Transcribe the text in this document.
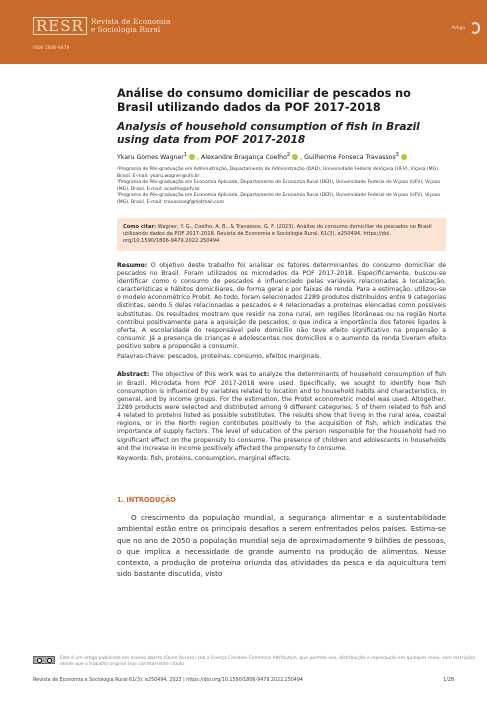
RESR Revista de Economia
e Sociologia Rural
ISSN 1806-9479
Artigo
Análise do consumo domiciliar de pescados no Brasil utilizando dados da POF 2017-2018
Analysis of household consumption of fish in Brazil using data from POF 2017-2018
Ykaru Gomes Wagner$^1$ , Alexandre Bragança Coelho$^2$ , Guilherme Fonseca Travassos$^3$

¹Programa de Pós-graduação em Administração, Departamento de Administração (DAD), Universidade Federal deViçosa (UFV), Viçosa (MG), Brasil. E-mail: ykaru.wagner@ufv.br

²Programa de Pós-graduação em Economia Aplicada, Departamento de Economia Rural (DER), Universidade Federal de Viçosa (UFV), Viçosa (MG), Brasil. E-mail: acoelho@ufv.br

³Programa de Pós-graduação em Economia Aplicada, Departamento de Economia Rural (DER), Universidade Federal de Viçosa (UFV), Viçosa (MG), Brasil. E-mail: travassosgf@hotmail.com

Como citar: Wagner, Y. G., Coelho, A. B., & Travassos, G. F. (2023). Análise do consumo domiciliar de pescados no Brasil utilizando dados da POF 2017-2018. Revista de Economia e Sociologia Rural, 61(3), e250494. https://doi. org/10.1590/1806-9479.2022.250494

Resumo: O objetivo deste trabalho foi analisar os fatores determinantes do consumo domiciliar de pescados no Brasil. Foram utilizados os microdados da POF 2017-2018. Especificamente, buscou-se identificar como o consumo de pescados é influenciado pelas variáveis relacionadas à localização, características e hábitos domiciliares, de forma geral e por faixas de renda. Para a estimação, utilizou-se o modelo econométrico Probit. Ao todo, foram selecionados 2289 produtos distribuídos entre 9 categorias distintas, sendo 5 delas relacionadas a pescados e 4 relacionadas a proteínas elencadas como possíveis substitutas. Os resultados mostram que residir na zona rural, em regiões litorâneas ou na região Norte contribui positivamente para a aquisição de pescados, o que indica a importância dos fatores ligados à oferta. A escolaridade do responsável pelo domicílio não teve efeito significativo na propensão a consumir. Já a presença de crianças e adolescentes nos domicílios e o aumento da renda tiveram efeito positivo sobre a propensão a consumir.

Palavras-chave: pescados, proteínas, consumo, efeitos marginais.

Abstract: The objective of this work was to analyze the determinants of household consumption of fish in Brazil. Microdata from POF 2017-2018 were used. Specifically, we sought to identify how fish consumption is influenced by variables related to location and to household habits and characteristics, in general, and by income groups. For the estimation, the Probit econometric model was used. Altogether, 2289 products were selected and distributed among 9 different categories, 5 of them related to fish and 4 related to proteins listed as possible substitutes. The results show that living in the rural area, coastal regions, or in the North region contributes positively to the acquisition of fish, which indicates the importance of supply factors. The level of education of the person responsible for the household had no significant effect on the propensity to consume. The presence of children and adolescents in households and the increase in income positively affected the propensity to consume.

Keywords: fish, proteins, consumption, marginal effects.

1. INTRODUÇÃO

O crescimento da população mundial, a segurança alimentar e a sustentabilidade ambiental estão entre os principais desafios a serem enfrentados pelos países. Estima-se que no ano de 2050 a população mundial seja de aproximadamente 9 bilhões de pessoas, o que implica a necessidade de grande aumento na produção de alimentos. Nesse contexto, a produção de proteína oriunda das atividades da pesca e da aquicultura tem sido bastante discutida, visto

Este é um artigo publicado em acesso aberto (Open Access) sob a licença Creative Commons Attribution, que permite uso, distribuição e reprodução em qualquer meio, sem restrições desde que o trabalho original seja corretamente citado.

Revista de Economia e Sociologia Rural 61(3): e250494, 2023 | https://doi.org/10.1590/1806-9479.2022.250494	1/28
